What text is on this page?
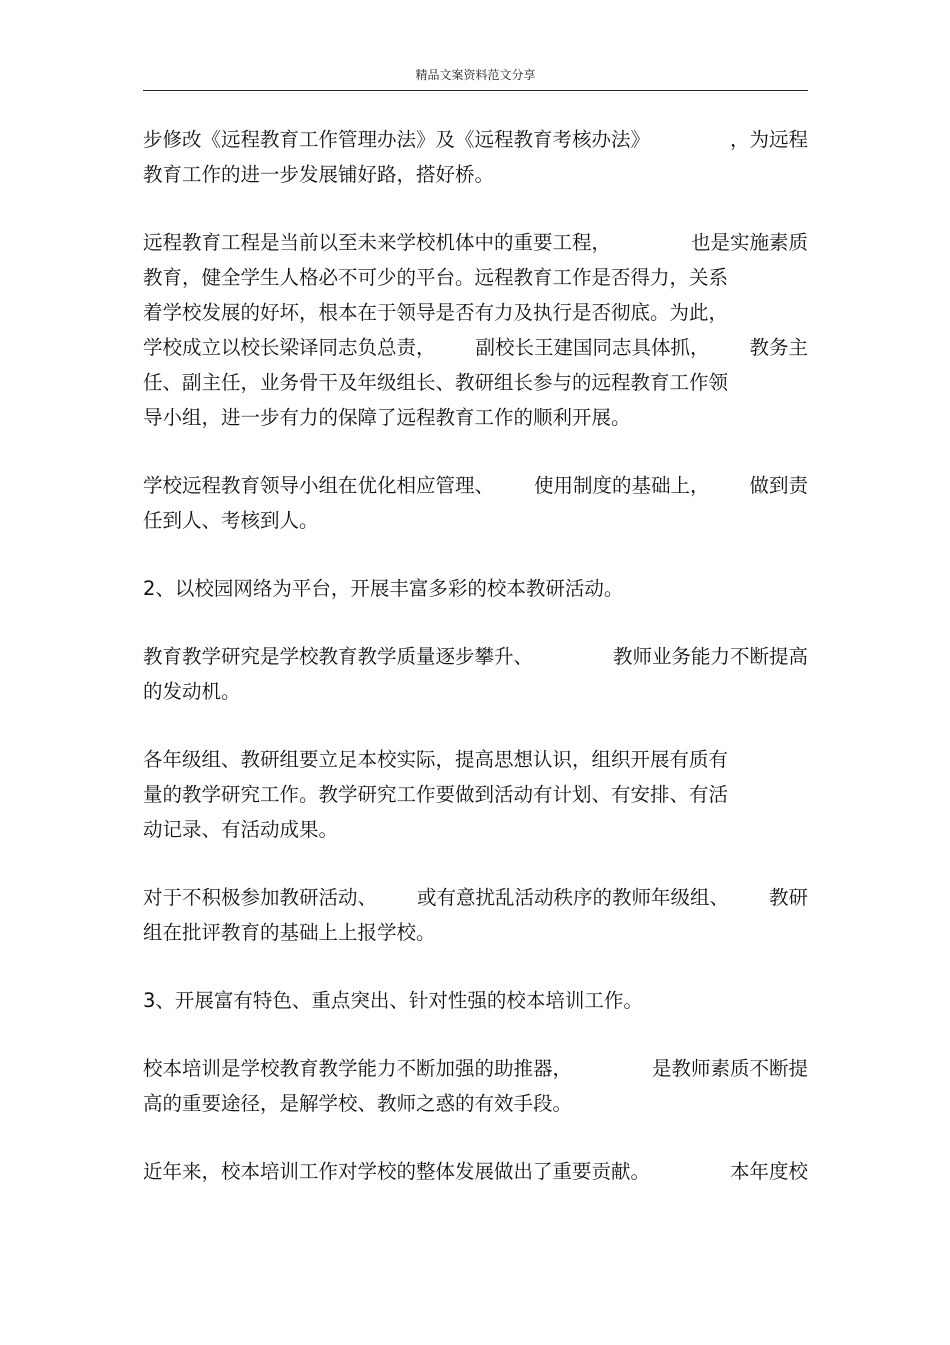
精品文案资料范文分享
步修改《远程教育工作管理办法》及《远程教育考核办法》	，为远程
教育工作的进一步发展铺好路，搭好桥。
远程教育工程是当前以至未来学校机体中的重要工程，	也是实施素质
教育，健全学生人格必不可少的平台。远程教育工作是否得力，关系
着学校发展的好坏，根本在于领导是否有力及执行是否彻底。为此，
学校成立以校长梁译同志负总责， 副校长王建国同志具体抓， 教务主
任、副主任，业务骨干及年级组长、教研组长参与的远程教育工作领
导小组，进一步有力的保障了远程教育工作的顺利开展。
学校远程教育领导小组在优化相应管理、 使用制度的基础上， 做到责
任到人、考核到人。
2、以校园网络为平台，开展丰富多彩的校本教研活动。
教育教学研究是学校教育教学质量逐步攀升、	教师业务能力不断提高
的发动机。
各年级组、教研组要立足本校实际，提高思想认识，组织开展有质有
量的教学研究工作。教学研究工作要做到活动有计划、有安排、有活
动记录、有活动成果。
对于不积极参加教研活动、 或有意扰乱活动秩序的教师年级组、 教研
组在批评教育的基础上上报学校。
3、开展富有特色、重点突出、针对性强的校本培训工作。
校本培训是学校教育教学能力不断加强的助推器，	是教师素质不断提
高的重要途径，是解学校、教师之惑的有效手段。
近年来，校本培训工作对学校的整体发展做出了重要贡献。	本年度校
